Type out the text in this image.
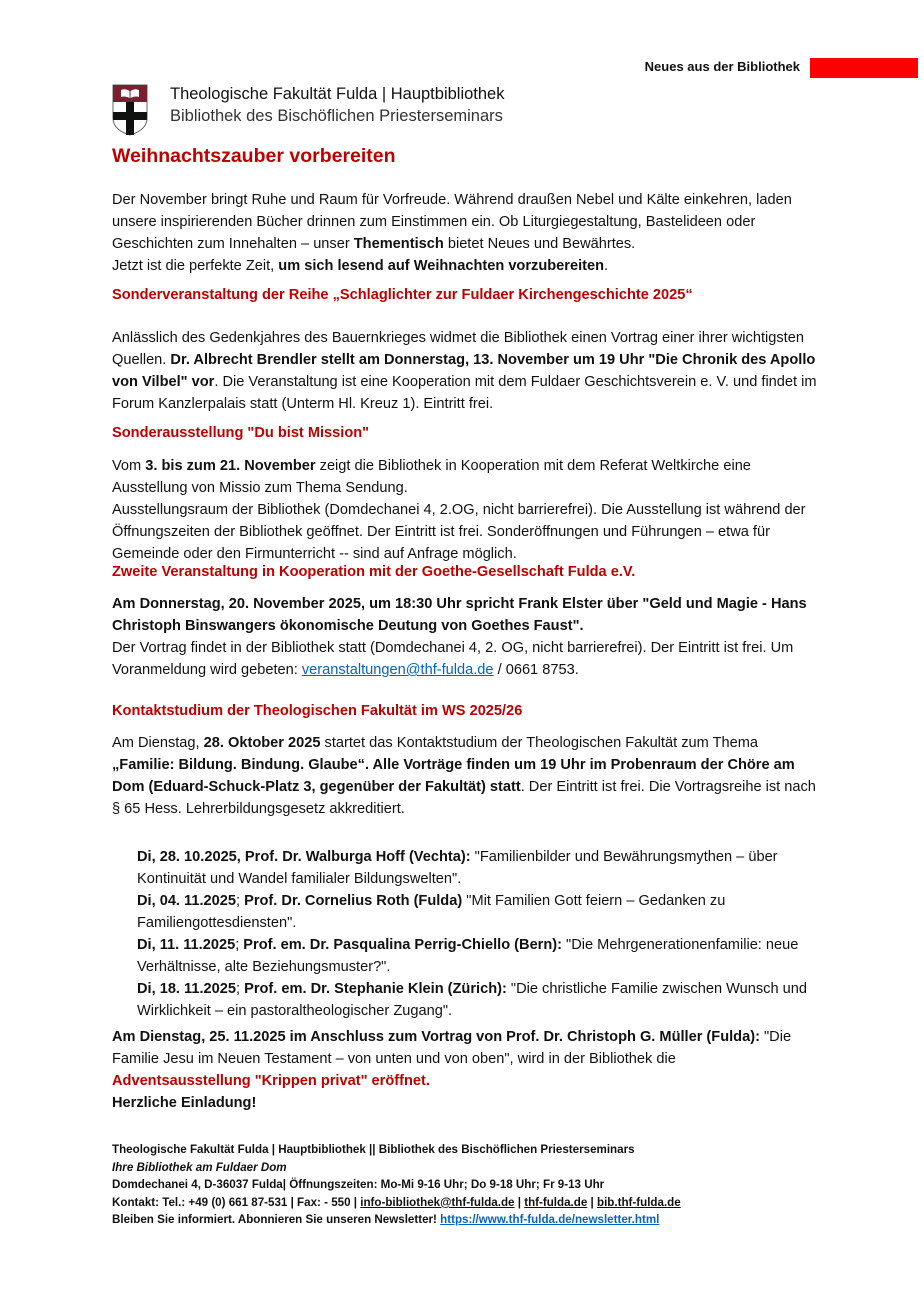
Neues aus der Bibliothek
Theologische Fakultät Fulda | Hauptbibliothek
Bibliothek des Bischöflichen Priesterseminars
Weihnachtszauber vorbereiten
Der November bringt Ruhe und Raum für Vorfreude. Während draußen Nebel und Kälte einkehren, laden unsere inspirierenden Bücher drinnen zum Einstimmen ein. Ob Liturgiegestaltung, Bastelideen oder Geschichten zum Innehalten – unser Thementisch bietet Neues und Bewährtes.
Jetzt ist die perfekte Zeit, um sich lesend auf Weihnachten vorzubereiten.
Sonderveranstaltung der Reihe „Schlaglichter zur Fuldaer Kirchengeschichte 2025“
Anlässlich des Gedenkjahres des Bauernkrieges widmet die Bibliothek einen Vortrag einer ihrer wichtigsten Quellen. Dr. Albrecht Brendler stellt am Donnerstag, 13. November um 19 Uhr "Die Chronik des Apollo von Vilbel" vor. Die Veranstaltung ist eine Kooperation mit dem Fuldaer Geschichtsverein e. V. und findet im Forum Kanzlerpalais statt (Unterm Hl. Kreuz 1). Eintritt frei.
Sonderausstellung "Du bist Mission"
Vom 3. bis zum 21. November zeigt die Bibliothek in Kooperation mit dem Referat Weltkirche eine Ausstellung von Missio zum Thema Sendung.
Ausstellungsraum der Bibliothek (Domdechanei 4, 2.OG, nicht barrierefrei). Die Ausstellung ist während der Öffnungszeiten der Bibliothek geöffnet. Der Eintritt ist frei. Sonderöffnungen und Führungen – etwa für Gemeinde oder den Firmunterricht -- sind auf Anfrage möglich.
Zweite Veranstaltung in Kooperation mit der Goethe-Gesellschaft Fulda e.V.
Am Donnerstag, 20. November 2025, um 18:30 Uhr spricht Frank Elster über "Geld und Magie - Hans Christoph Binswangers ökonomische Deutung von Goethes Faust".
Der Vortrag findet in der Bibliothek statt (Domdechanei 4, 2. OG, nicht barrierefrei). Der Eintritt ist frei. Um Voranmeldung wird gebeten: veranstaltungen@thf-fulda.de / 0661 8753.
Kontaktstudium der Theologischen Fakultät im WS 2025/26
Am Dienstag, 28. Oktober 2025 startet das Kontaktstudium der Theologischen Fakultät zum Thema „Familie: Bildung. Bindung. Glaube“. Alle Vorträge finden um 19 Uhr im Probenraum der Chöre am Dom (Eduard-Schuck-Platz 3, gegenüber der Fakultät) statt. Der Eintritt ist frei. Die Vortragsreihe ist nach § 65 Hess. Lehrerbildungsgesetz akkreditiert.
Di, 28. 10.2025, Prof. Dr. Walburga Hoff (Vechta): "Familienbilder und Bewährungsmythen – über Kontinuität und Wandel familialer Bildungswelten".
Di, 04. 11.2025; Prof. Dr. Cornelius Roth (Fulda) "Mit Familien Gott feiern – Gedanken zu Familiengottesdiensten".
Di, 11. 11.2025; Prof. em. Dr. Pasqualina Perrig-Chiello (Bern): "Die Mehrgenerationenfamilie: neue Verhältnisse, alte Beziehungsmuster?".
Di, 18. 11.2025; Prof. em. Dr. Stephanie Klein (Zürich): "Die christliche Familie zwischen Wunsch und Wirklichkeit – ein pastoraltheologischer Zugang".
Am Dienstag, 25. 11.2025 im Anschluss zum Vortrag von Prof. Dr. Christoph G. Müller (Fulda): "Die Familie Jesu im Neuen Testament – von unten und von oben", wird in der Bibliothek die
Adventsausstellung "Krippen privat" eröffnet.
Herzliche Einladung!
Theologische Fakultät Fulda | Hauptbibliothek || Bibliothek des Bischöflichen Priesterseminars
Ihre Bibliothek am Fuldaer Dom
Domdechanei 4, D-36037 Fulda| Öffnungszeiten: Mo-Mi 9-16 Uhr; Do 9-18 Uhr; Fr 9-13 Uhr
Kontakt: Tel.: +49 (0) 661 87-531 | Fax: - 550 | info-bibliothek@thf-fulda.de | thf-fulda.de | bib.thf-fulda.de
Bleiben Sie informiert. Abonnieren Sie unseren Newsletter! https://www.thf-fulda.de/newsletter.html
